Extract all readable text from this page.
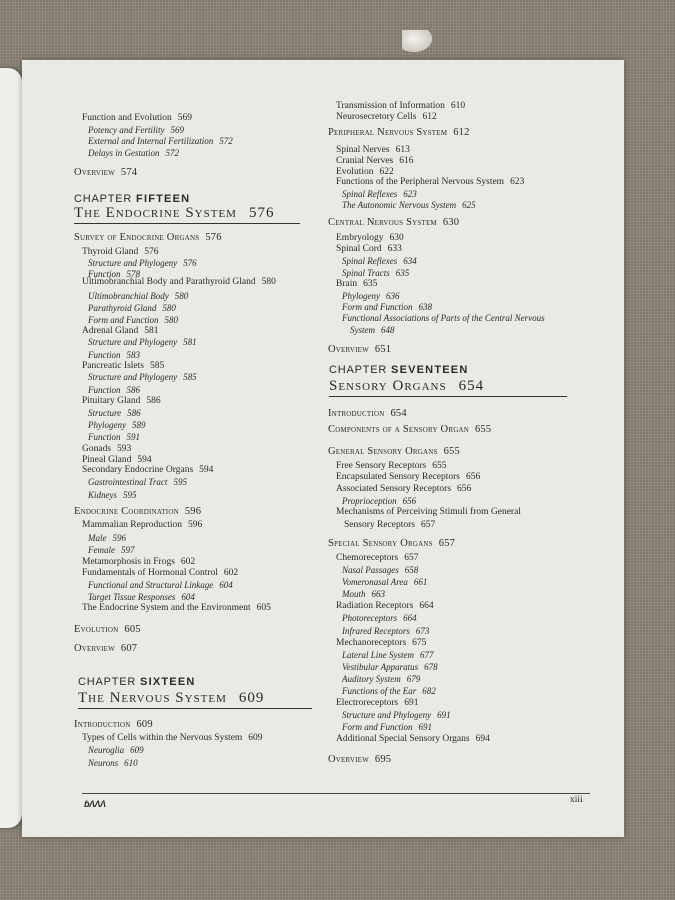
Function and Evolution 569
Potency and Fertility 569
External and Internal Fertilization 572
Delays in Gestation 572
Overview 574
Survey of Endocrine Organs 576
Thyroid Gland 576
Structure and Phylogeny 576
Function 578
Ultimobranchial Body and Parathyroid Gland 580
Ultimobranchial Body 580
Parathyroid Gland 580
Form and Function 580
Adrenal Gland 581
Structure and Phylogeny 581
Function 583
Pancreatic Islets 585
Structure and Phylogeny 585
Function 586
Pituitary Gland 586
Structure 586
Phylogeny 589
Function 591
Gonads 593
Pineal Gland 594
Secondary Endocrine Organs 594
Gastrointestinal Tract 595
Kidneys 595
Endocrine Coordination 596
Mammalian Reproduction 596
Male 596
Female 597
Metamorphosis in Frogs 602
Fundamentals of Hormonal Control 602
Functional and Structural Linkage 604
Target Tissue Responses 604
The Endocrine System and the Environment 605
Evolution 605
Overview 607
Introduction 609
Types of Cells within the Nervous System 609
Neuroglia 609
Neurons 610
Transmission of Information 610
Neurosecretory Cells 612
Peripheral Nervous System 612
Spinal Nerves 613
Cranial Nerves 616
Evolution 622
Functions of the Peripheral Nervous System 623
Spinal Reflexes 623
The Autonomic Nervous System 625
Central Nervous System 630
Embryology 630
Spinal Cord 633
Spinal Reflexes 634
Spinal Tracts 635
Brain 635
Phylogeny 636
Form and Function 638
Functional Associations of Parts of the Central Nervous
System 648
Overview 651
Introduction 654
Components of a Sensory Organ 655
General Sensory Organs 655
Free Sensory Receptors 655
Encapsulated Sensory Receptors 656
Associated Sensory Receptors 656
Proprioception 656
Mechanisms of Perceiving Stimuli from General
Sensory Receptors 657
Special Sensory Organs 657
Chemoreceptors 657
Nasal Passages 658
Vomeronasal Area 661
Mouth 663
Radiation Receptors 664
Photoreceptors 664
Infrared Receptors 673
Mechanoreceptors 675
Lateral Line System 677
Vestibular Apparatus 678
Auditory System 679
Functions of the Ear 682
Electroreceptors 691
Structure and Phylogeny 691
Form and Function 691
Additional Special Sensory Organs 694
Overview 695
CHAPTER FIFTEEN
The Endocrine System 576
CHAPTER SIXTEEN
The Nervous System 609
CHAPTER SEVENTEEN
Sensory Organs 654
ɓɅɅɅ	xiii
